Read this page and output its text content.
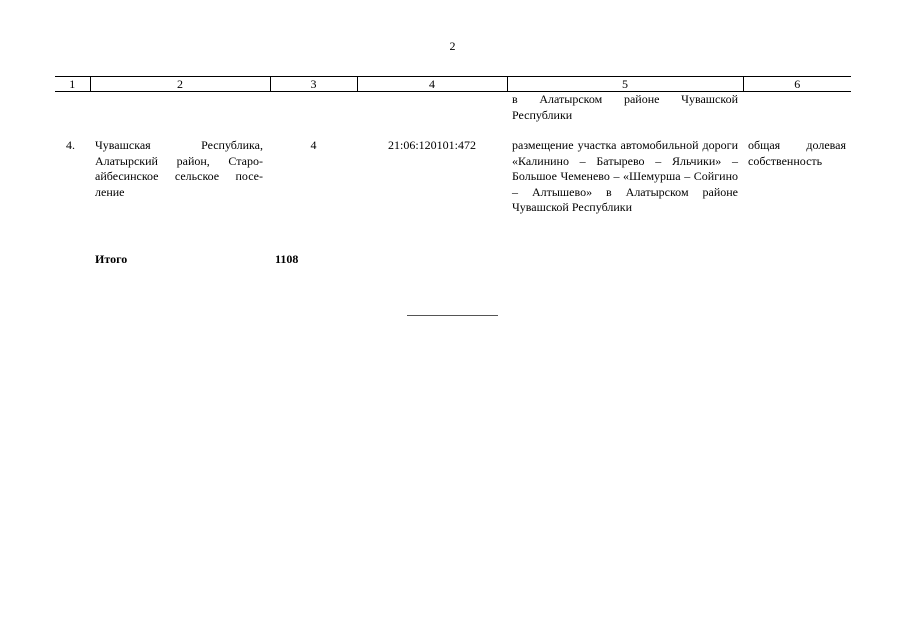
2
1	2	3	4	5	6
				в Алатырском районе Чувашской Республики	
4.	Чувашская Республика, Алатырский район, Старо-айбесинское сельское посе-ление	4	21:06:120101:472	размещение участка автомобильной дороги «Калинино – Батырево – Яльчики» – Большое Чеменево – «Шемурша – Сойгино – Алтышево» в Алатырском районе Чувашской Республики	общая долевая собственность
	Итого	1108			
